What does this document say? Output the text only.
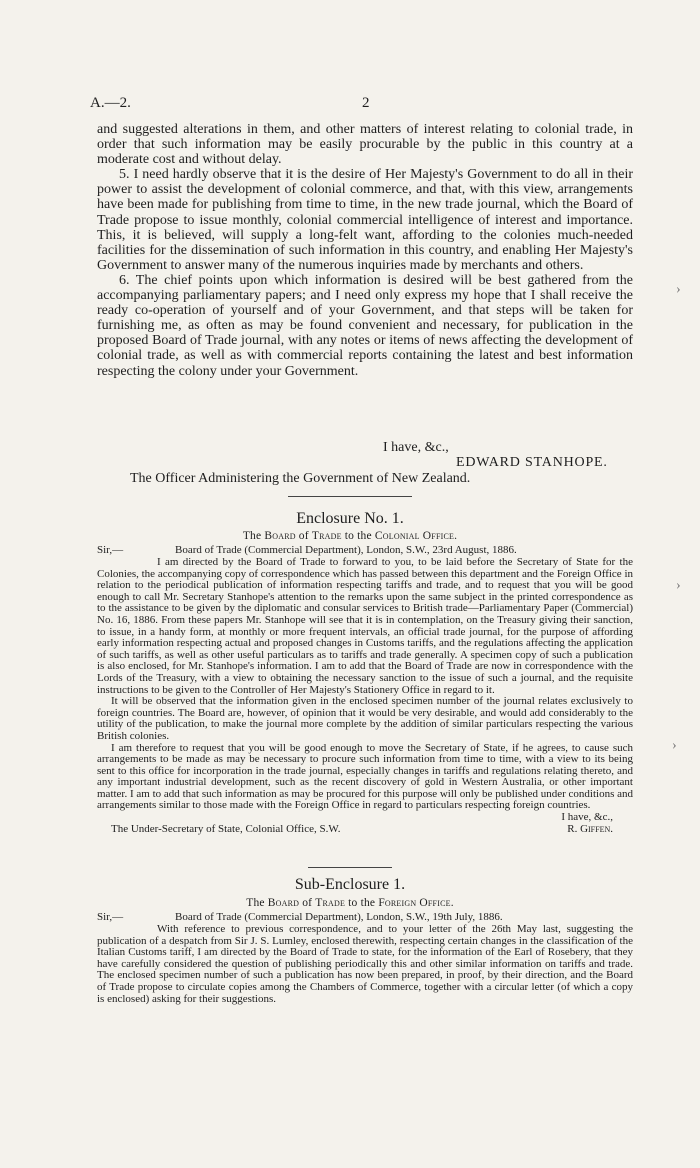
A.—2.	2

and suggested alterations in them, and other matters of interest relating to colonial trade, in order that such information may be easily procurable by the public in this country at a moderate cost and without delay.

5. I need hardly observe that it is the desire of Her Majesty's Government to do all in their power to assist the development of colonial commerce, and that, with this view, arrangements have been made for publishing from time to time, in the new trade journal, which the Board of Trade propose to issue monthly, colonial commercial intelligence of interest and importance. This, it is believed, will supply a long-felt want, affording to the colonies much-needed facilities for the dissemination of such information in this country, and enabling Her Majesty's Government to answer many of the numerous inquiries made by merchants and others.

6. The chief points upon which information is desired will be best gathered from the accompanying parliamentary papers; and I need only express my hope that I shall receive the ready co-operation of yourself and of your Government, and that steps will be taken for furnishing me, as often as may be found convenient and necessary, for publication in the proposed Board of Trade journal, with any notes or items of news affecting the development of colonial trade, as well as with commercial reports containing the latest and best information respecting the colony under your Government.

I have, &c.,
EDWARD STANHOPE.
The Officer Administering the Government of New Zealand.
Enclosure No. 1.
The Board of Trade to the Colonial Office.
Sir,—	Board of Trade (Commercial Department), London, S.W., 23rd August, 1886.

I am directed by the Board of Trade to forward to you, to be laid before the Secretary of State for the Colonies, the accompanying copy of correspondence which has passed between this department and the Foreign Office in relation to the periodical publication of information respecting tariffs and trade, and to request that you will be good enough to call Mr. Secretary Stanhope's attention to the remarks upon the same subject in the printed correspondence as to the assistance to be given by the diplomatic and consular services to British trade—Parliamentary Paper (Commercial) No. 16, 1886. From these papers Mr. Stanhope will see that it is in contemplation, on the Treasury giving their sanction, to issue, in a handy form, at monthly or more frequent intervals, an official trade journal, for the purpose of affording early information respecting actual and proposed changes in Customs tariffs, and the regulations affecting the application of such tariffs, as well as other useful particulars as to tariffs and trade generally. A specimen copy of such a publication is also enclosed, for Mr. Stanhope's information. I am to add that the Board of Trade are now in correspondence with the Lords of the Treasury, with a view to obtaining the necessary sanction to the issue of such a journal, and the requisite instructions to be given to the Controller of Her Majesty's Stationery Office in regard to it.

It will be observed that the information given in the enclosed specimen number of the journal relates exclusively to foreign countries. The Board are, however, of opinion that it would be very desirable, and would add considerably to the utility of the publication, to make the journal more complete by the addition of similar particulars respecting the various British colonies.

I am therefore to request that you will be good enough to move the Secretary of State, if he agrees, to cause such arrangements to be made as may be necessary to procure such information from time to time, with a view to its being sent to this office for incorporation in the trade journal, especially changes in tariffs and regulations relating thereto, and any important industrial development, such as the recent discovery of gold in Western Australia, or other important matter. I am to add that such information as may be procured for this purpose will only be published under conditions and arrangements similar to those made with the Foreign Office in regard to particulars respecting foreign countries.

I have, &c.,
The Under-Secretary of State, Colonial Office, S.W.	R. Giffen.
Sub-Enclosure 1.
The Board of Trade to the Foreign Office.
Sir,—	Board of Trade (Commercial Department), London, S.W., 19th July, 1886.

With reference to previous correspondence, and to your letter of the 26th May last, suggesting the publication of a despatch from Sir J. S. Lumley, enclosed therewith, respecting certain changes in the classification of the Italian Customs tariff, I am directed by the Board of Trade to state, for the information of the Earl of Rosebery, that they have carefully considered the question of publishing periodically this and other similar information on tariffs and trade. The enclosed specimen number of such a publication has now been prepared, in proof, by their direction, and the Board of Trade propose to circulate copies among the Chambers of Commerce, together with a circular letter (of which a copy is enclosed) asking for their suggestions.

›
›
›
